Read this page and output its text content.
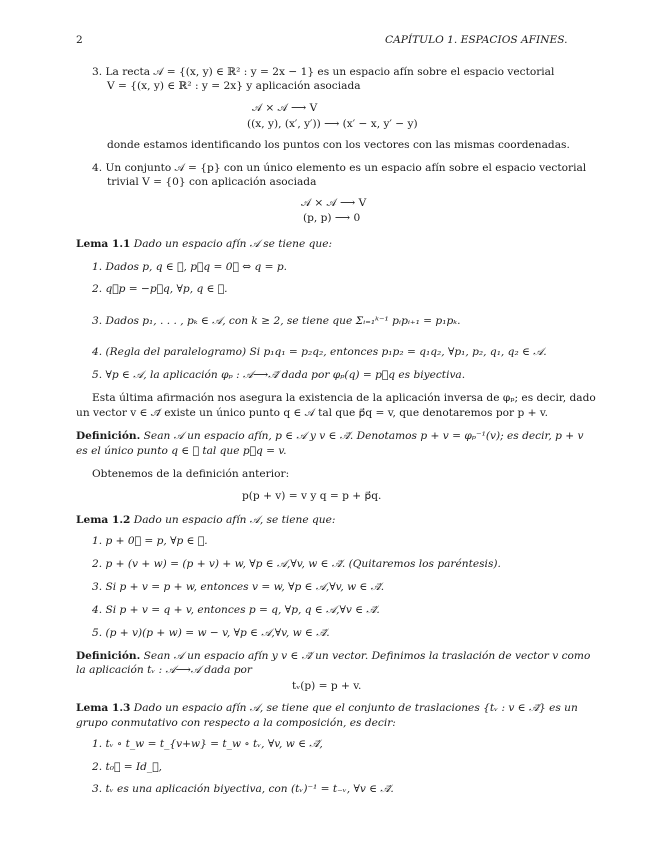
2	CAPÍTULO 1. ESPACIOS AFINES.
3. La recta 𝒜 = {(x, y) ∈ ℝ² : y = 2x − 1} es un espacio afín sobre el espacio vectorial
V = {(x, y) ∈ ℝ² : y = 2x} y aplicación asociada
𝒜 × 𝒜 ⟶ V
((x, y), (x′, y′)) ⟶ (x′ − x, y′ − y)
donde estamos identificando los puntos con los vectores con las mismas coordenadas.
4. Un conjunto 𝒜 = {p} con un único elemento es un espacio afín sobre el espacio vectorial
trivial V = {0} con aplicación asociada
𝒜 × 𝒜 ⟶ V
(p, p) ⟶ 0
Lema 1.1 Dado un espacio afín 𝒜 se tiene que:
1. Dados p, q ∈ 𝒜, p⃗q = 0⃗ ⇔ q = p.
2. q⃗p = −p⃗q, ∀p, q ∈ 𝒜.
3. Dados p₁, . . . , pₖ ∈ 𝒜, con k ≥ 2, se tiene que Σᵢ₌₁ᵏ⁻¹ pᵢpᵢ₊₁ = p₁pₖ.
4. (Regla del paralelogramo) Si p₁q₁ = p₂q₂, entonces p₁p₂ = q₁q₂, ∀p₁, p₂, q₁, q₂ ∈ 𝒜.
5. ∀p ∈ 𝒜, la aplicación φₚ : 𝒜⟶𝒜⃗ dada por φₚ(q) = p⃗q es biyectiva.
Esta última afirmación nos asegura la existencia de la aplicación inversa de φₚ; es decir, dado
un vector v ∈ 𝒜⃗ existe un único punto q ∈ 𝒜 tal que p⃗q = v, que denotaremos por p + v.
Definición. Sean 𝒜 un espacio afín, p ∈ 𝒜 y v ∈ 𝒜⃗. Denotamos p + v = φₚ⁻¹(v); es decir, p + v
es el único punto q ∈ 𝒜 tal que p⃗q = v.
Obtenemos de la definición anterior:
p(p + v) = v y q = p + p⃗q.
Lema 1.2 Dado un espacio afín 𝒜, se tiene que:
1. p + 0⃗ = p, ∀p ∈ 𝒜.
2. p + (v + w) = (p + v) + w, ∀p ∈ 𝒜,∀v, w ∈ 𝒜⃗. (Quitaremos los paréntesis).
3. Si p + v = p + w, entonces v = w, ∀p ∈ 𝒜,∀v, w ∈ 𝒜⃗.
4. Si p + v = q + v, entonces p = q, ∀p, q ∈ 𝒜,∀v ∈ 𝒜⃗.
5. (p + v)(p + w) = w − v, ∀p ∈ 𝒜,∀v, w ∈ 𝒜⃗.
Definición. Sean 𝒜 un espacio afín y v ∈ 𝒜⃗ un vector. Definimos la traslación de vector v como
la aplicación tᵥ : 𝒜⟶𝒜 dada por
tᵥ(p) = p + v.
Lema 1.3 Dado un espacio afín 𝒜, se tiene que el conjunto de traslaciones {tᵥ : v ∈ 𝒜⃗} es un
grupo conmutativo con respecto a la composición, es decir:
1. tᵥ ∘ t_w = t_{v+w} = t_w ∘ tᵥ, ∀v, w ∈ 𝒜⃗,
2. t₀⃗ = Id_𝒜,
3. tᵥ es una aplicación biyectiva, con (tᵥ)⁻¹ = t₋ᵥ, ∀v ∈ 𝒜⃗.
